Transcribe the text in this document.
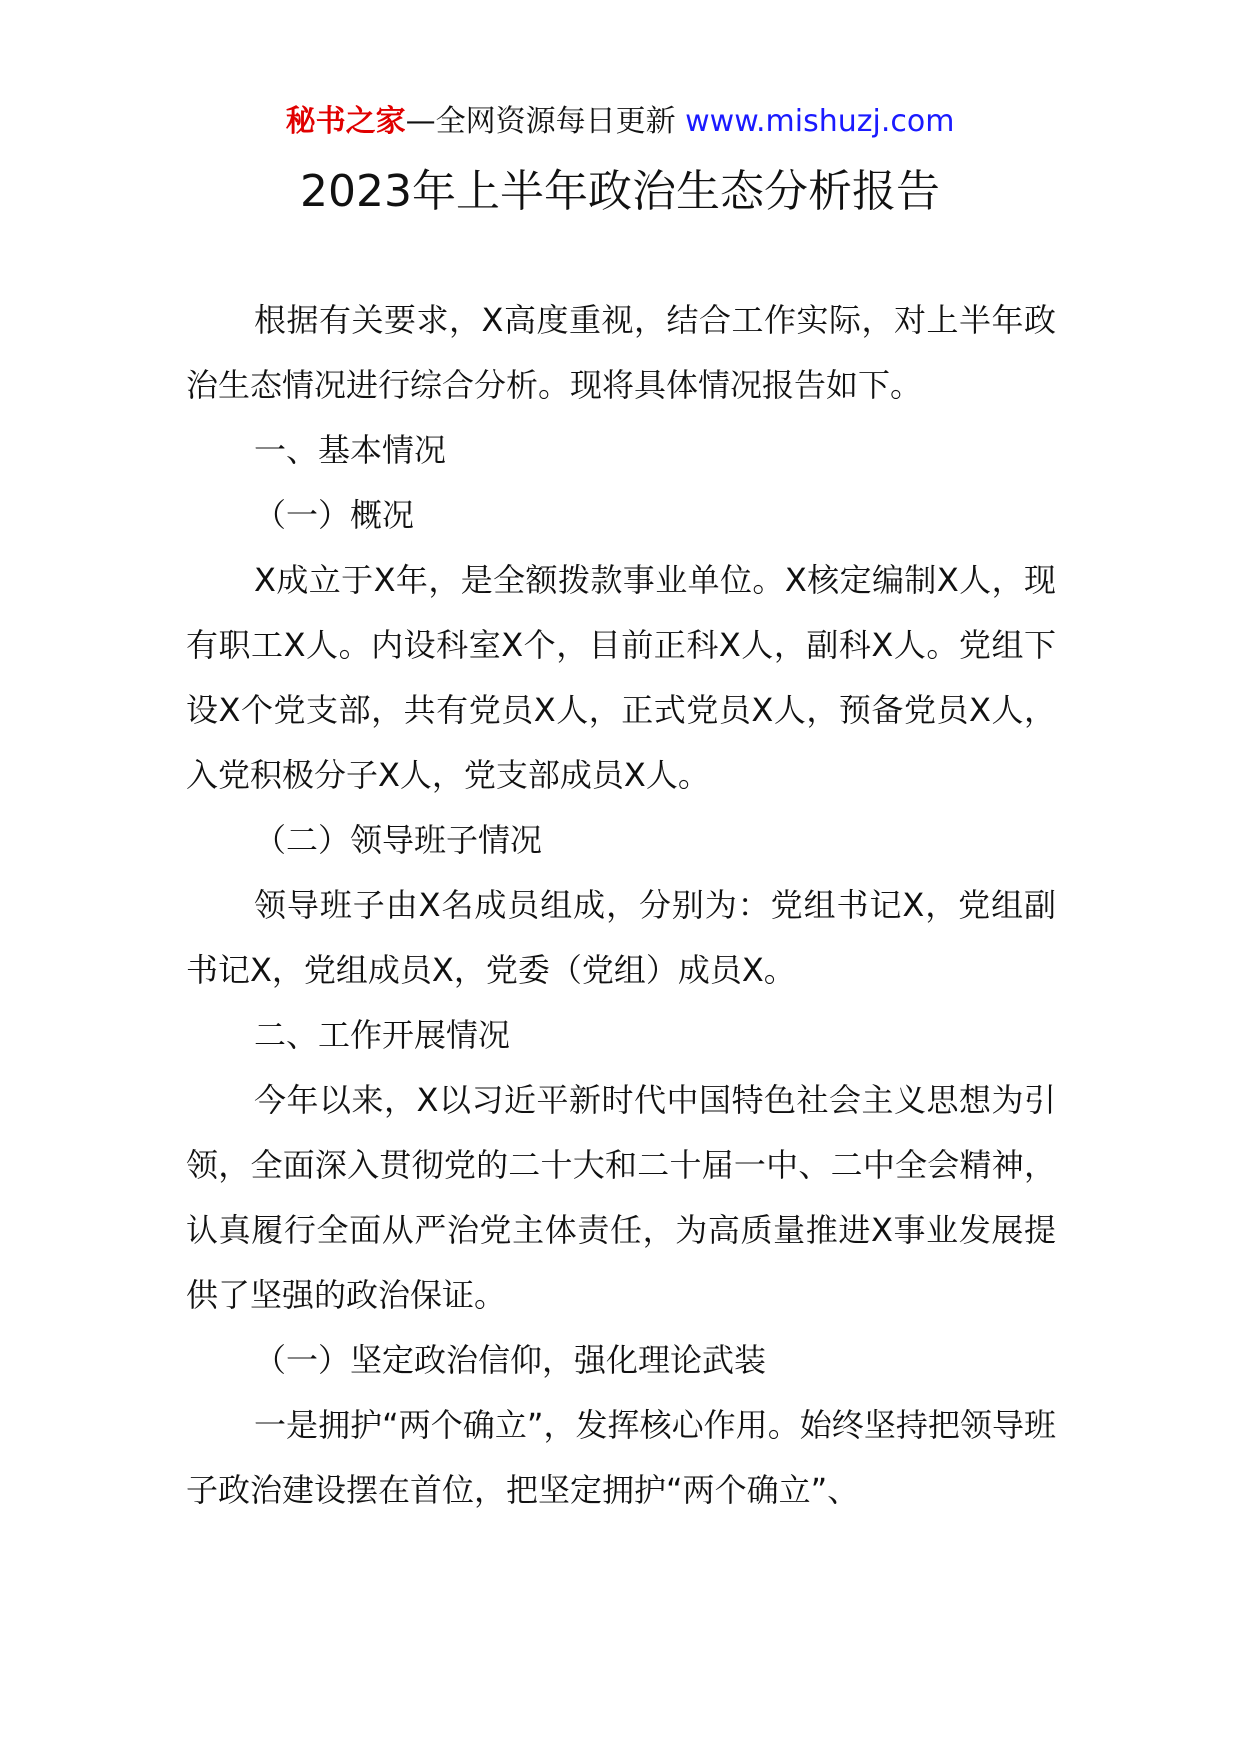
秘书之家—全网资源每日更新 www.mishuzj.com
2023年上半年政治生态分析报告

根据有关要求，X高度重视，结合工作实际，对上半年政治生态情况进行综合分析。现将具体情况报告如下。

一、基本情况

（一）概况

X成立于X年，是全额拨款事业单位。X核定编制X人，现有职工X人。内设科室X个，目前正科X人，副科X人。党组下设X个党支部，共有党员X人，正式党员X人，预备党员X人，入党积极分子X人，党支部成员X人。

（二）领导班子情况

领导班子由X名成员组成，分别为：党组书记X，党组副书记X，党组成员X，党委（党组）成员X。

二、工作开展情况

今年以来，X以习近平新时代中国特色社会主义思想为引领，全面深入贯彻党的二十大和二十届一中、二中全会精神，认真履行全面从严治党主体责任，为高质量推进X事业发展提供了坚强的政治保证。

（一）坚定政治信仰，强化理论武装

一是拥护“两个确立”，发挥核心作用。始终坚持把领导班子政治建设摆在首位，把坚定拥护“两个确立”、
